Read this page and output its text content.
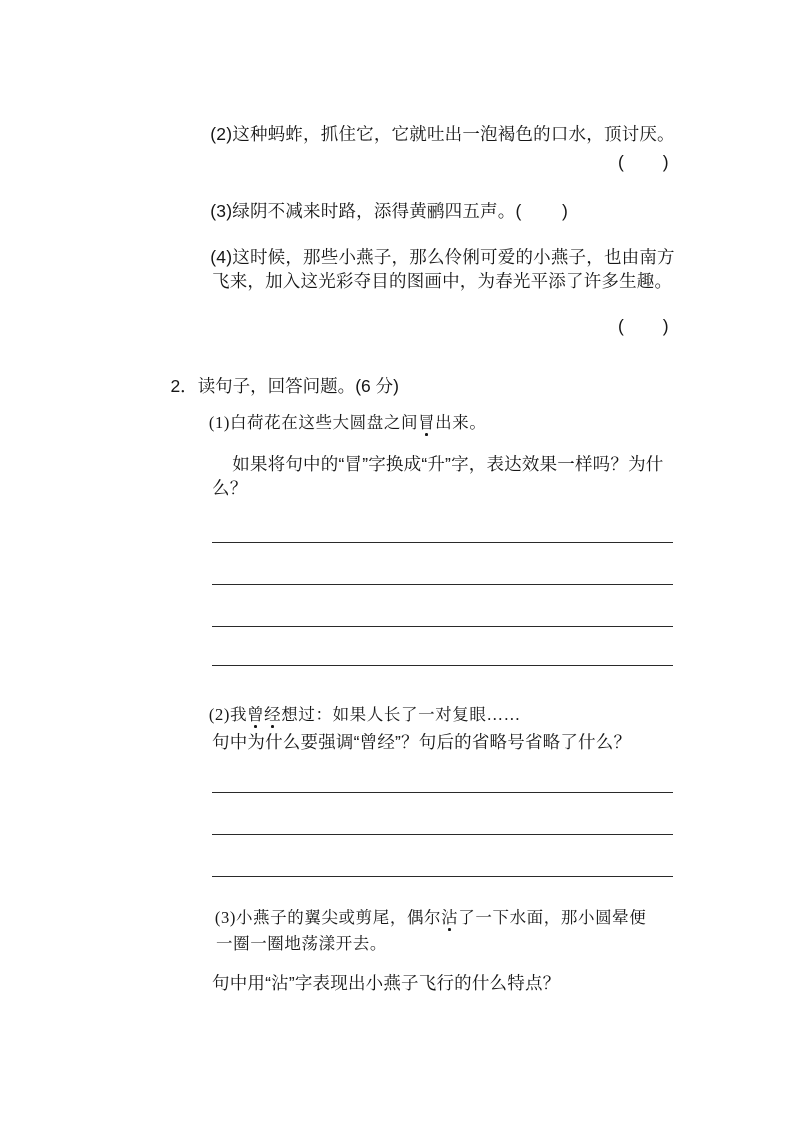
(2)这种蚂蚱，抓住它，它就吐出一泡褐色的口水，顶讨厌。

(        )

(3)绿阴不减来时路，添得黄鹂四五声。(        )

(4)这时候，那些小燕子，那么伶俐可爱的小燕子，也由南方

飞来，加入这光彩夺目的图画中，为春光平添了许多生趣。
(        )

2．读句子，回答问题。(6 分)

(1)白荷花在这些大圆盘之间冒出来。

如果将句中的“冒”字换成“升”字，表达效果一样吗？为什

么？

(2)我曾经想过：如果人长了一对复眼……

句中为什么要强调“曾经”？句后的省略号省略了什么？

(3)小燕子的翼尖或剪尾，偶尔沾了一下水面，那小圆晕便

一圈一圈地荡漾开去。
句中用“沾”字表现出小燕子飞行的什么特点？
